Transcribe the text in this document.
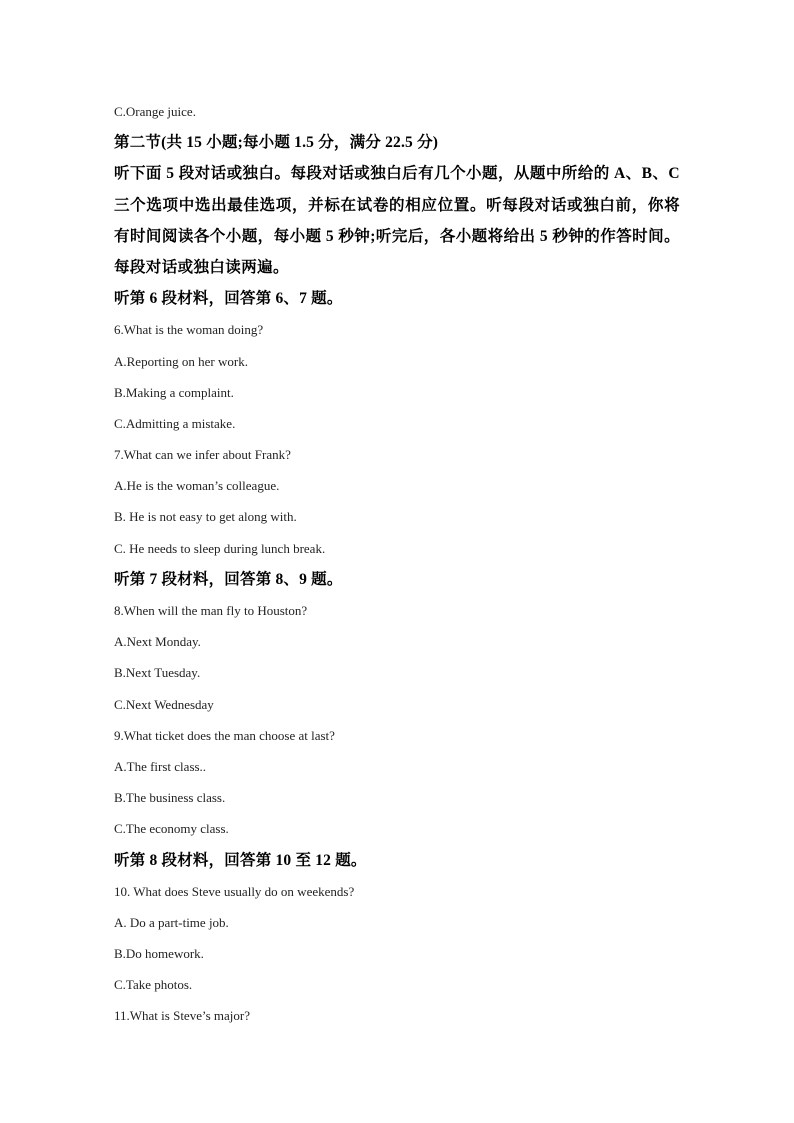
C.Orange juice.
第二节(共 15 小题;每小题 1.5 分，满分 22.5 分)
听下面 5 段对话或独白。每段对话或独白后有几个小题，从题中所给的 A、B、C
三个选项中选出最佳选项，并标在试卷的相应位置。听每段对话或独白前，你将
有时间阅读各个小题，每小题 5 秒钟;听完后，各小题将给出 5 秒钟的作答时间。
每段对话或独白读两遍。
听第 6 段材料，回答第 6、7 题。
6.What is the woman doing?
A.Reporting on her work.
B.Making a complaint.
C.Admitting a mistake.
7.What can we infer about Frank?
A.He is the woman’s colleague.
B. He is not easy to get along with.
C. He needs to sleep during lunch break.
听第 7 段材料，回答第 8、9 题。
8.When will the man fly to Houston?
A.Next Monday.
B.Next Tuesday.
C.Next Wednesday
9.What ticket does the man choose at last?
A.The first class..
B.The business class.
C.The economy class.
听第 8 段材料，回答第 10 至 12 题。
10. What does Steve usually do on weekends?
A. Do a part-time job.
B.Do homework.
C.Take photos.
11.What is Steve’s major?
